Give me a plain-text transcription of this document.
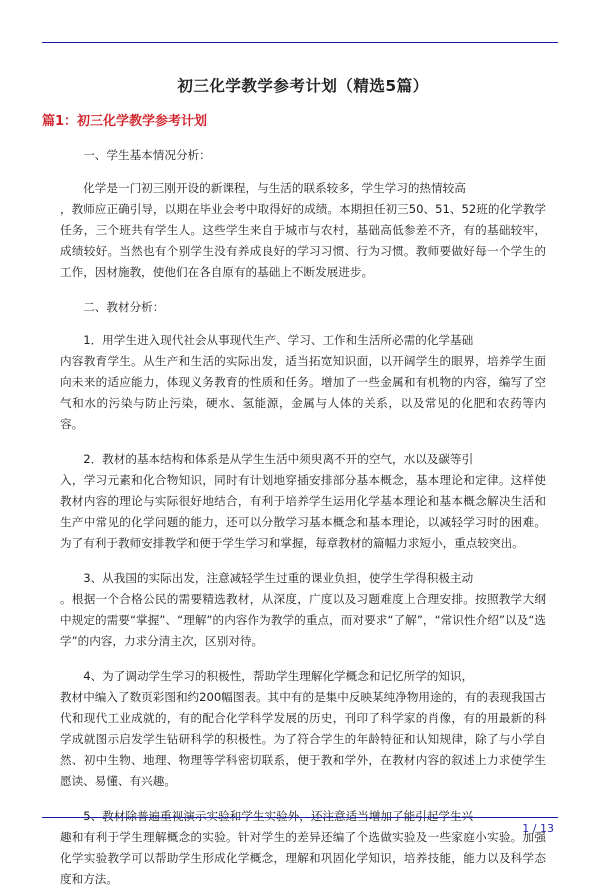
初三化学教学参考计划（精选5篇）
篇1：初三化学教学参考计划

一、学生基本情况分析：

化学是一门初三刚开设的新课程，与生活的联系较多，学生学习的热情较高

，教师应正确引导，以期在毕业会考中取得好的成绩。本期担任初三50、51、52班的化学教学任务，三个班共有学生人。这些学生来自于城市与农村，基础高低参差不齐，有的基础较牢，成绩较好。当然也有个别学生没有养成良好的学习习惯、行为习惯。教师要做好每一个学生的工作，因材施教，使他们在各自原有的基础上不断发展进步。

二、教材分析：

1．用学生进入现代社会从事现代生产、学习、工作和生活所必需的化学基础

内容教育学生。从生产和生活的实际出发，适当拓宽知识面，以开阔学生的眼界，培养学生面向未来的适应能力，体现义务教育的性质和任务。增加了一些金属和有机物的内容，编写了空气和水的污染与防止污染，硬水、氢能源，金属与人体的关系，以及常见的化肥和农药等内容。

2．教材的基本结构和体系是从学生生活中须臾离不开的空气，水以及碳等引

入，学习元素和化合物知识，同时有计划地穿插安排部分基本概念，基本理论和定律。这样使教材内容的理论与实际很好地结合，有利于培养学生运用化学基本理论和基本概念解决生活和生产中常见的化学问题的能力，还可以分散学习基本概念和基本理论，以减轻学习时的困难。为了有利于教师安排教学和便于学生学习和掌握，每章教材的篇幅力求短小，重点较突出。

3、从我国的实际出发，注意减轻学生过重的课业负担，使学生学得积极主动

。根据一个合格公民的需要精选教材，从深度，广度以及习题难度上合理安排。按照教学大纲中规定的需要“掌握”、“理解”的内容作为教学的重点，而对要求“了解”，“常识性介绍”以及“选学”的内容，力求分清主次，区别对待。

4、为了调动学生学习的积极性，帮助学生理解化学概念和记忆所学的知识，

教材中编入了数页彩图和约200幅图表。其中有的是集中反映某纯净物用途的，有的表现我国古代和现代工业成就的，有的配合化学科学发展的历史，刊印了科学家的肖像，有的用最新的科学成就图示启发学生钻研科学的积极性。为了符合学生的年龄特征和认知规律，除了与小学自然、初中生物、地理、物理等学科密切联系，便于教和学外，在教材内容的叙述上力求使学生愿读、易懂、有兴趣。

5、教材除普遍重视演示实验和学生实验外，还注意适当增加了能引起学生兴

趣和有利于学生理解概念的实验。针对学生的差异还编了个选做实验及一些家庭小实验。加强化学实验教学可以帮助学生形成化学概念，理解和巩固化学知识，培养技能，能力以及科学态度和方法。

1 / 13
